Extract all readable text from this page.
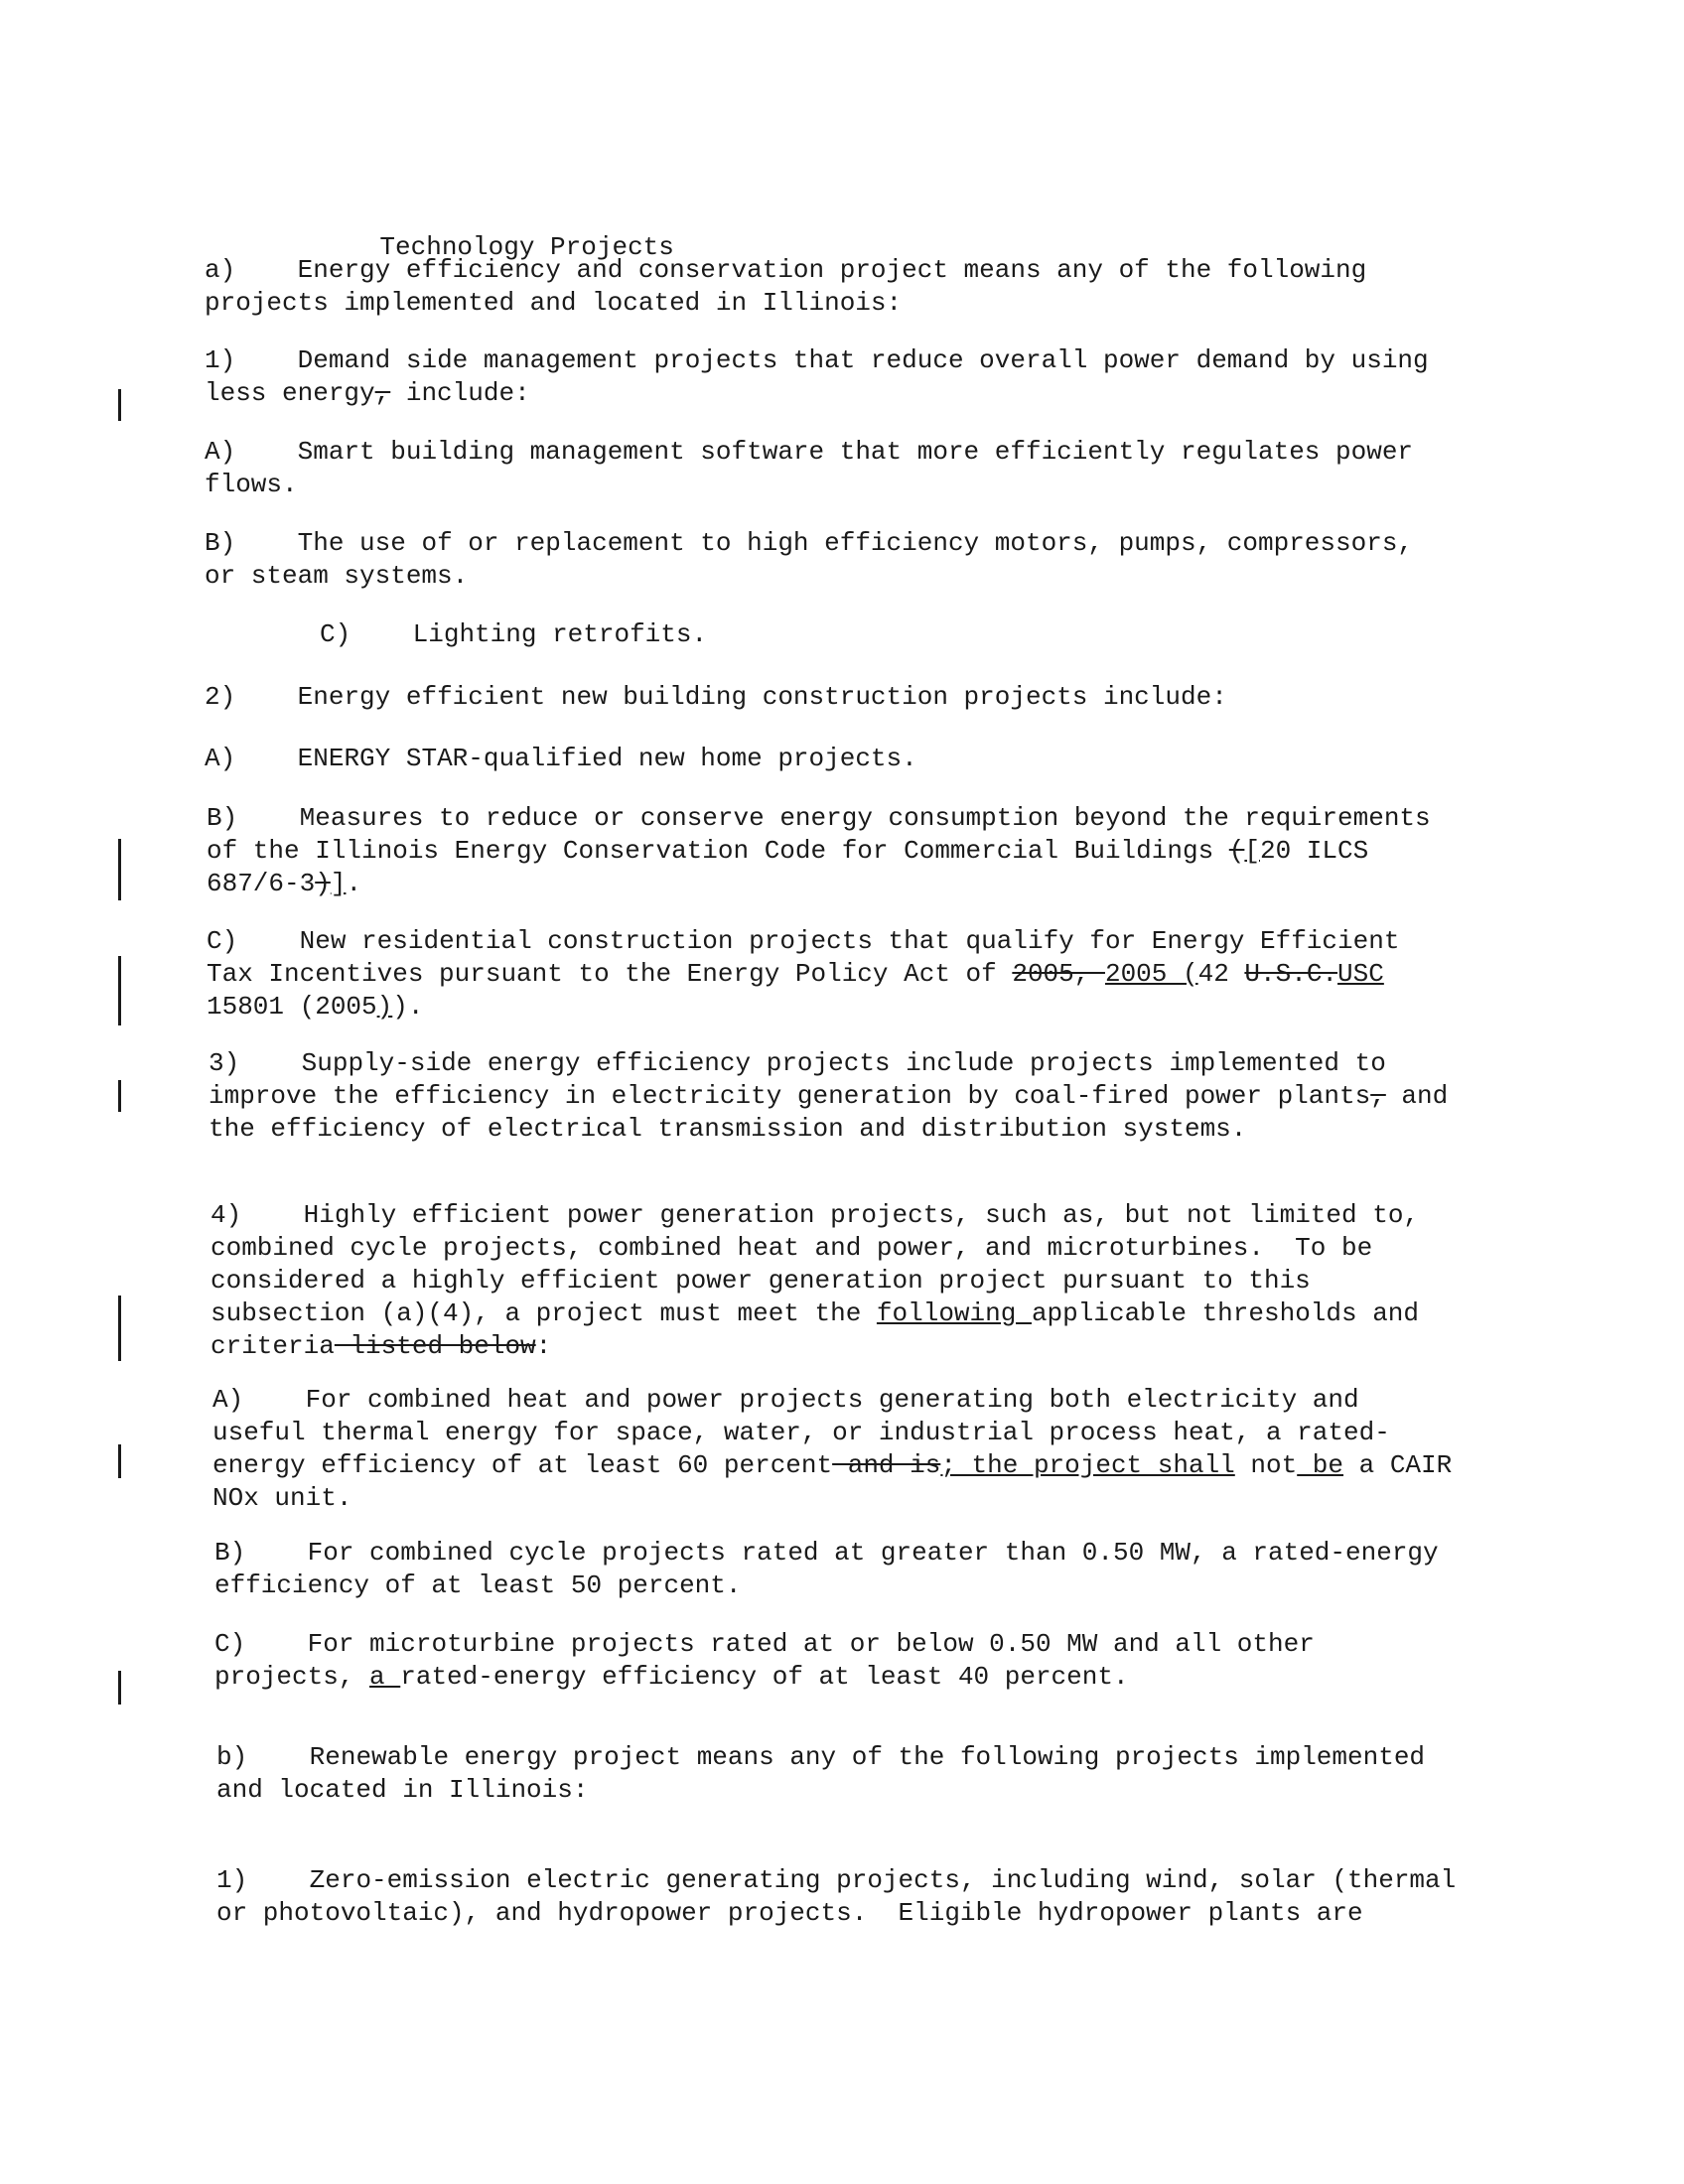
Technology Projects

a) Energy efficiency and conservation project means any of the following
projects implemented and located in Illinois:
1) Demand side management projects that reduce overall power demand by using
less energy, include:
A) Smart building management software that more efficiently regulates power
flows.
B) The use of or replacement to high efficiency motors, pumps, compressors,
or steam systems.
C) Lighting retrofits.
2) Energy efficient new building construction projects include:
A) ENERGY STAR-qualified new home projects.
B) Measures to reduce or conserve energy consumption beyond the requirements
of the Illinois Energy Conservation Code for Commercial Buildings ([20 ILCS
687/6-3)].
C) New residential construction projects that qualify for Energy Efficient
Tax Incentives pursuant to the Energy Policy Act of 2005, 2005 (42 U.S.C.USC
15801 (2005)).
3) Supply-side energy efficiency projects include projects implemented to
improve the efficiency in electricity generation by coal-fired power plants, and
the efficiency of electrical transmission and distribution systems.
4) Highly efficient power generation projects, such as, but not limited to,
combined cycle projects, combined heat and power, and microturbines.  To be
considered a highly efficient power generation project pursuant to this
subsection (a)(4), a project must meet the following applicable thresholds and
criteria listed below:
A) For combined heat and power projects generating both electricity and
useful thermal energy for space, water, or industrial process heat, a rated-
energy efficiency of at least 60 percent and is; the project shall not be a CAIR
NOx unit.
B) For combined cycle projects rated at greater than 0.50 MW, a rated-energy
efficiency of at least 50 percent.
C) For microturbine projects rated at or below 0.50 MW and all other
projects, a rated-energy efficiency of at least 40 percent.
b) Renewable energy project means any of the following projects implemented
and located in Illinois:
1) Zero-emission electric generating projects, including wind, solar (thermal
or photovoltaic), and hydropower projects.  Eligible hydropower plants are
